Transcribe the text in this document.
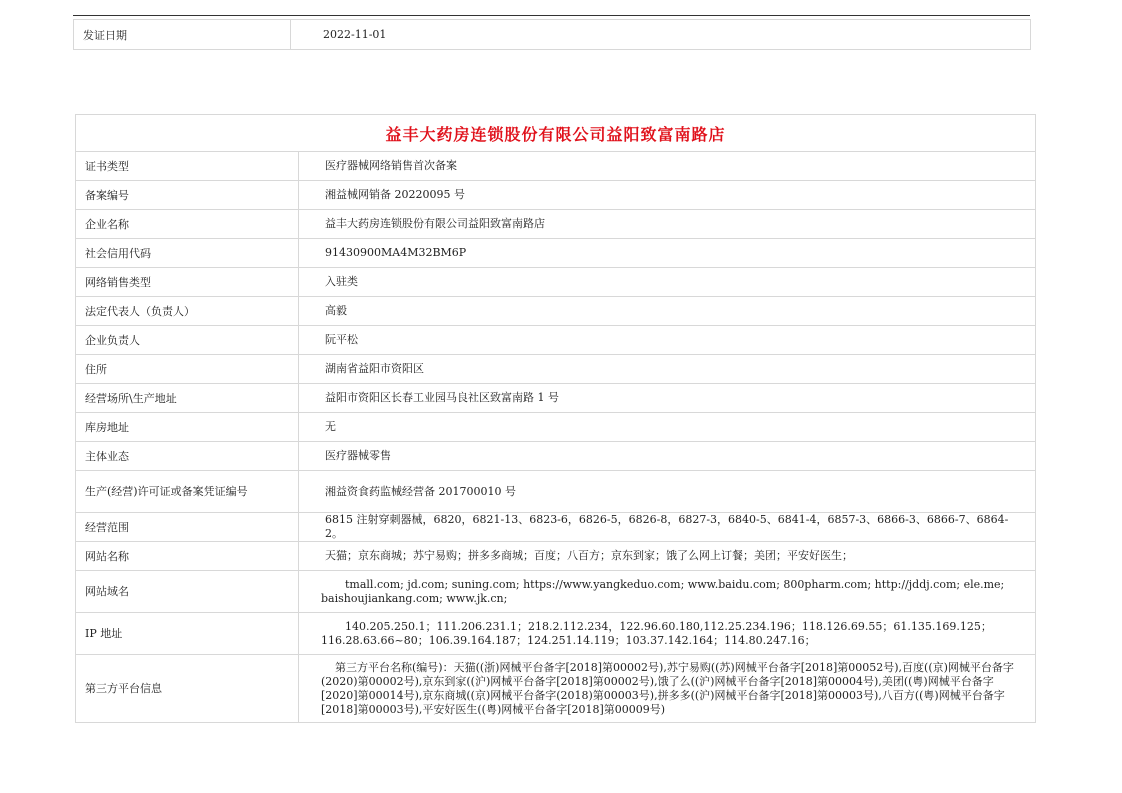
发证日期	2022-11-01
益丰大药房连锁股份有限公司益阳致富南路店	
证书类型	医疗器械网络销售首次备案
备案编号	湘益械网销备 20220095 号
企业名称	益丰大药房连锁股份有限公司益阳致富南路店
社会信用代码	91430900MA4M32BM6P
网络销售类型	入驻类
法定代表人（负责人）	高毅
企业负责人	阮平松
住所	湖南省益阳市资阳区
经营场所\生产地址	益阳市资阳区长春工业园马良社区致富南路 1 号
库房地址	无
主体业态	医疗器械零售
生产(经营)许可证或备案凭证编号	湘益资食药监械经营备 201700010 号
经营范围	6815 注射穿刺器械，6820，6821-13、6823-6，6826-5，6826-8，6827-3，6840-5、6841-4，6857-3、6866-3、6866-7、6864-2。
网站名称	天猫；京东商城；苏宁易购；拼多多商城；百度；八百方；京东到家；饿了么网上订餐；美团；平安好医生；
网站域名	tmall.com; jd.com; suning.com; https://www.yangkeduo.com; www.baidu.com; 800pharm.com; http://jddj.com; ele.me; baishoujiankang.com; www.jk.cn;
IP 地址	140.205.250.1；111.206.231.1；218.2.112.234，122.96.60.180,112.25.234.196；118.126.69.55；61.135.169.125；116.28.63.66~80；106.39.164.187；124.251.14.119；103.37.142.164；114.80.247.16；
第三方平台信息	第三方平台名称(编号)：天猫((浙)网械平台备字[2018]第00002号),苏宁易购((苏)网械平台备字[2018]第00052号),百度((京)网械平台备字(2020)第00002号),京东到家((沪)网械平台备字[2018]第00002号),饿了么((沪)网械平台备字[2018]第00004号),美团((粤)网械平台备字[2020]第00014号),京东商城((京)网械平台备字(2018)第00003号),拼多多((沪)网械平台备字[2018]第00003号),八百方((粤)网械平台备字[2018]第00003号),平安好医生((粤)网械平台备字[2018]第00009号)
